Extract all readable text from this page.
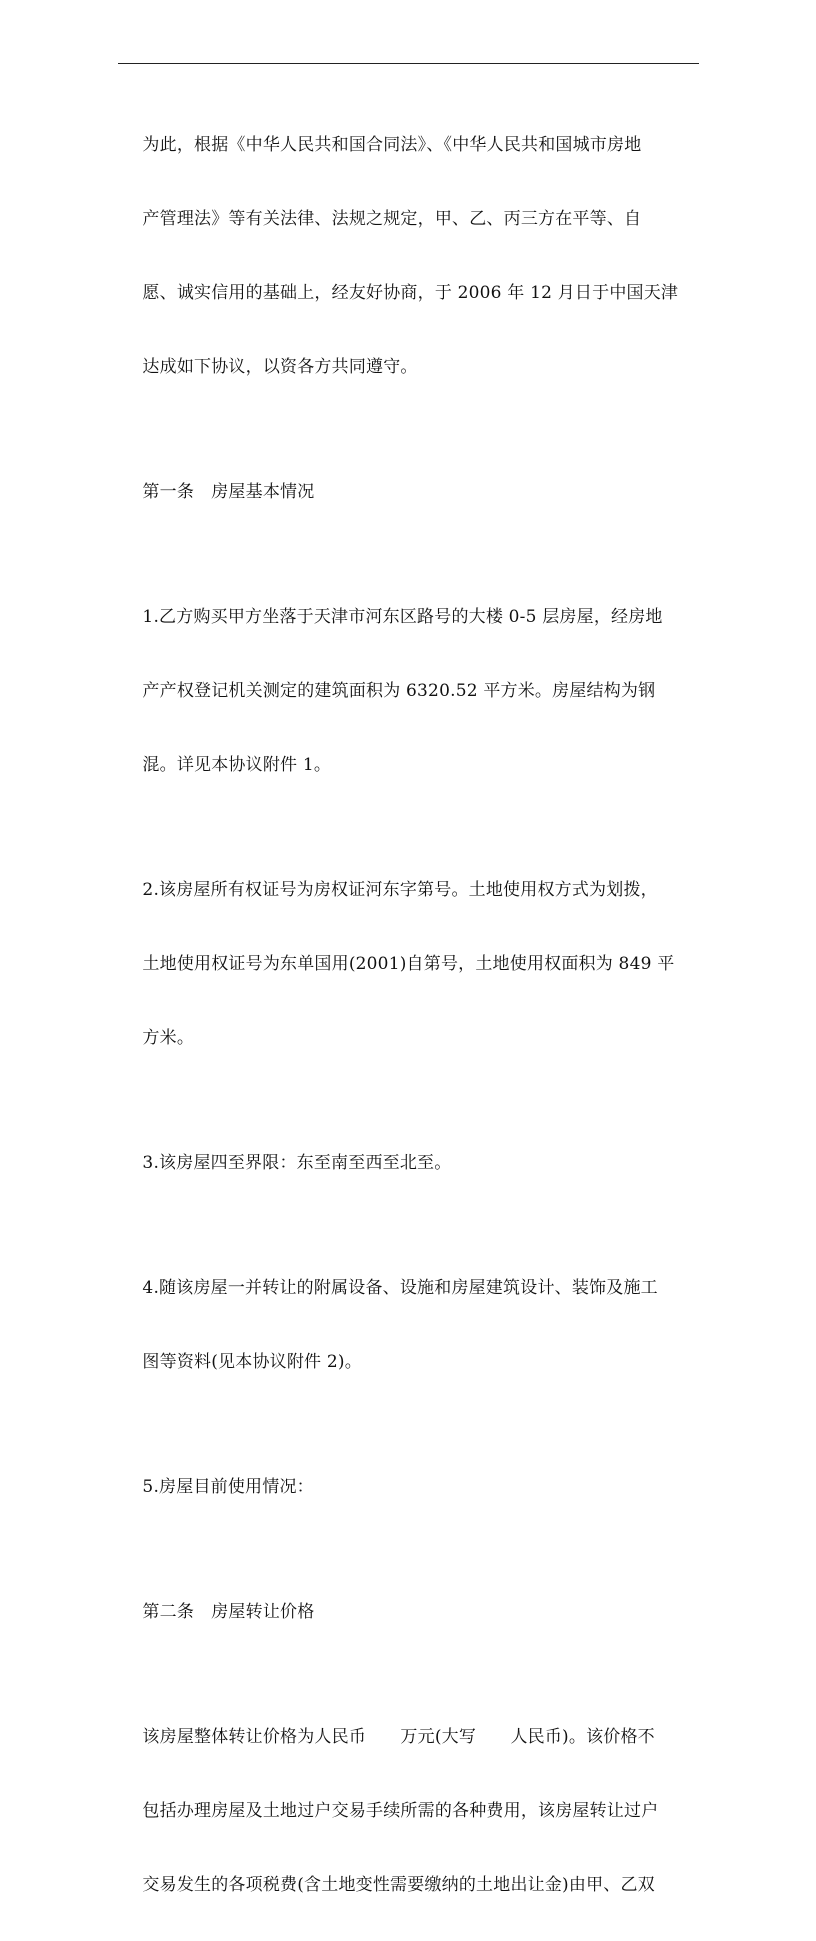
为此，根据《中华人民共和国合同法》、《中华人民共和国城市房地

产管理法》等有关法律、法规之规定，甲、乙、丙三方在平等、自

愿、诚实信用的基础上，经友好协商，于 2006 年 12 月日于中国天津

达成如下协议，以资各方共同遵守。

第一条　房屋基本情况

1.乙方购买甲方坐落于天津市河东区路号的大楼 0-5 层房屋，经房地

产产权登记机关测定的建筑面积为 6320.52 平方米。房屋结构为钢

混。详见本协议附件 1。

2.该房屋所有权证号为房权证河东字第号。土地使用权方式为划拨，

土地使用权证号为东单国用(2001)自第号，土地使用权面积为 849 平

方米。

3.该房屋四至界限：东至南至西至北至。

4.随该房屋一并转让的附属设备、设施和房屋建筑设计、装饰及施工

图等资料(见本协议附件 2)。

5.房屋目前使用情况：

第二条　房屋转让价格

该房屋整体转让价格为人民币　　万元(大写　　人民币)。该价格不

包括办理房屋及土地过户交易手续所需的各种费用，该房屋转让过户

交易发生的各项税费(含土地变性需要缴纳的土地出让金)由甲、乙双
